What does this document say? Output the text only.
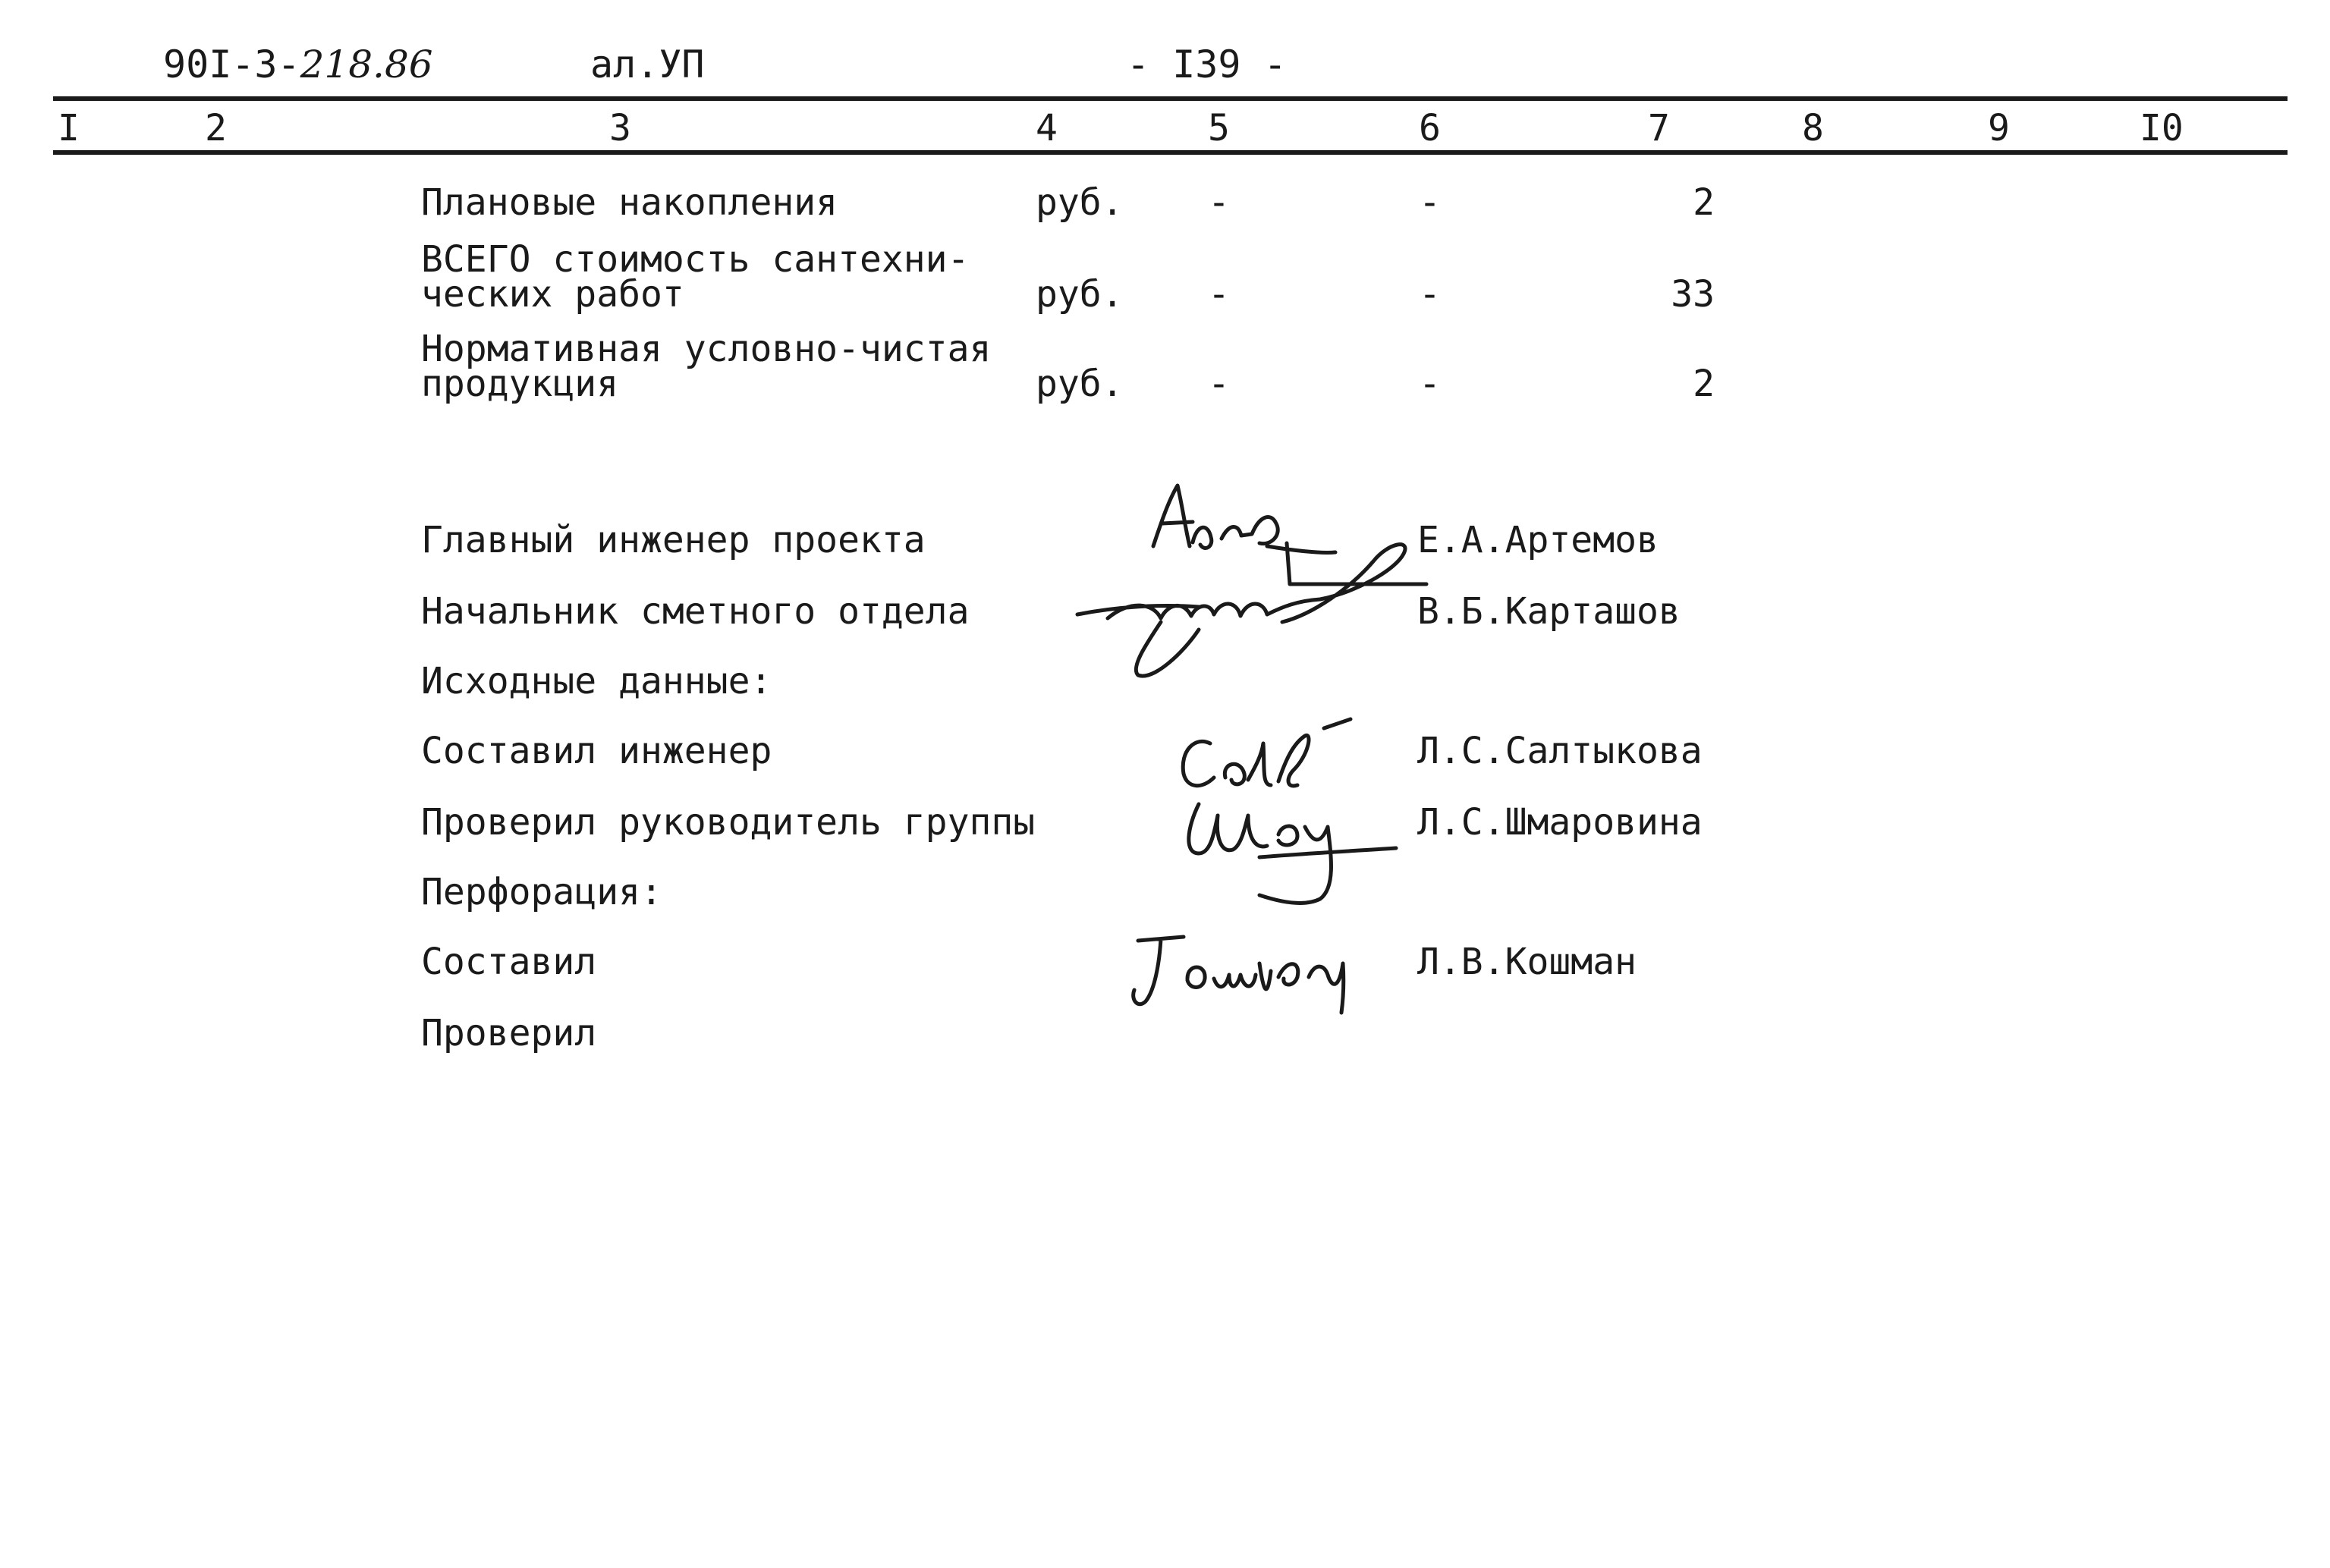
90I-3-218.86	ал.УП	- I39 -
I	2	3	4	5	6	7	8	9	I0
Плановые накопления	руб. -	-	2
ВСЕГО стоимость сантехни-
ческих работ	руб. -	-	33
Нормативная условно-чистая
продукция	руб. -	-	2
Главный инженер проекта	Е.А.Артемов
Начальник сметного отдела	В.Б.Карташов
Исходные данные:
Составил инженер	Л.С.Салтыкова
Проверил руководитель группы	Л.С.Шмаровина
Перфорация:
Составил	Л.В.Кошман
Проверил
